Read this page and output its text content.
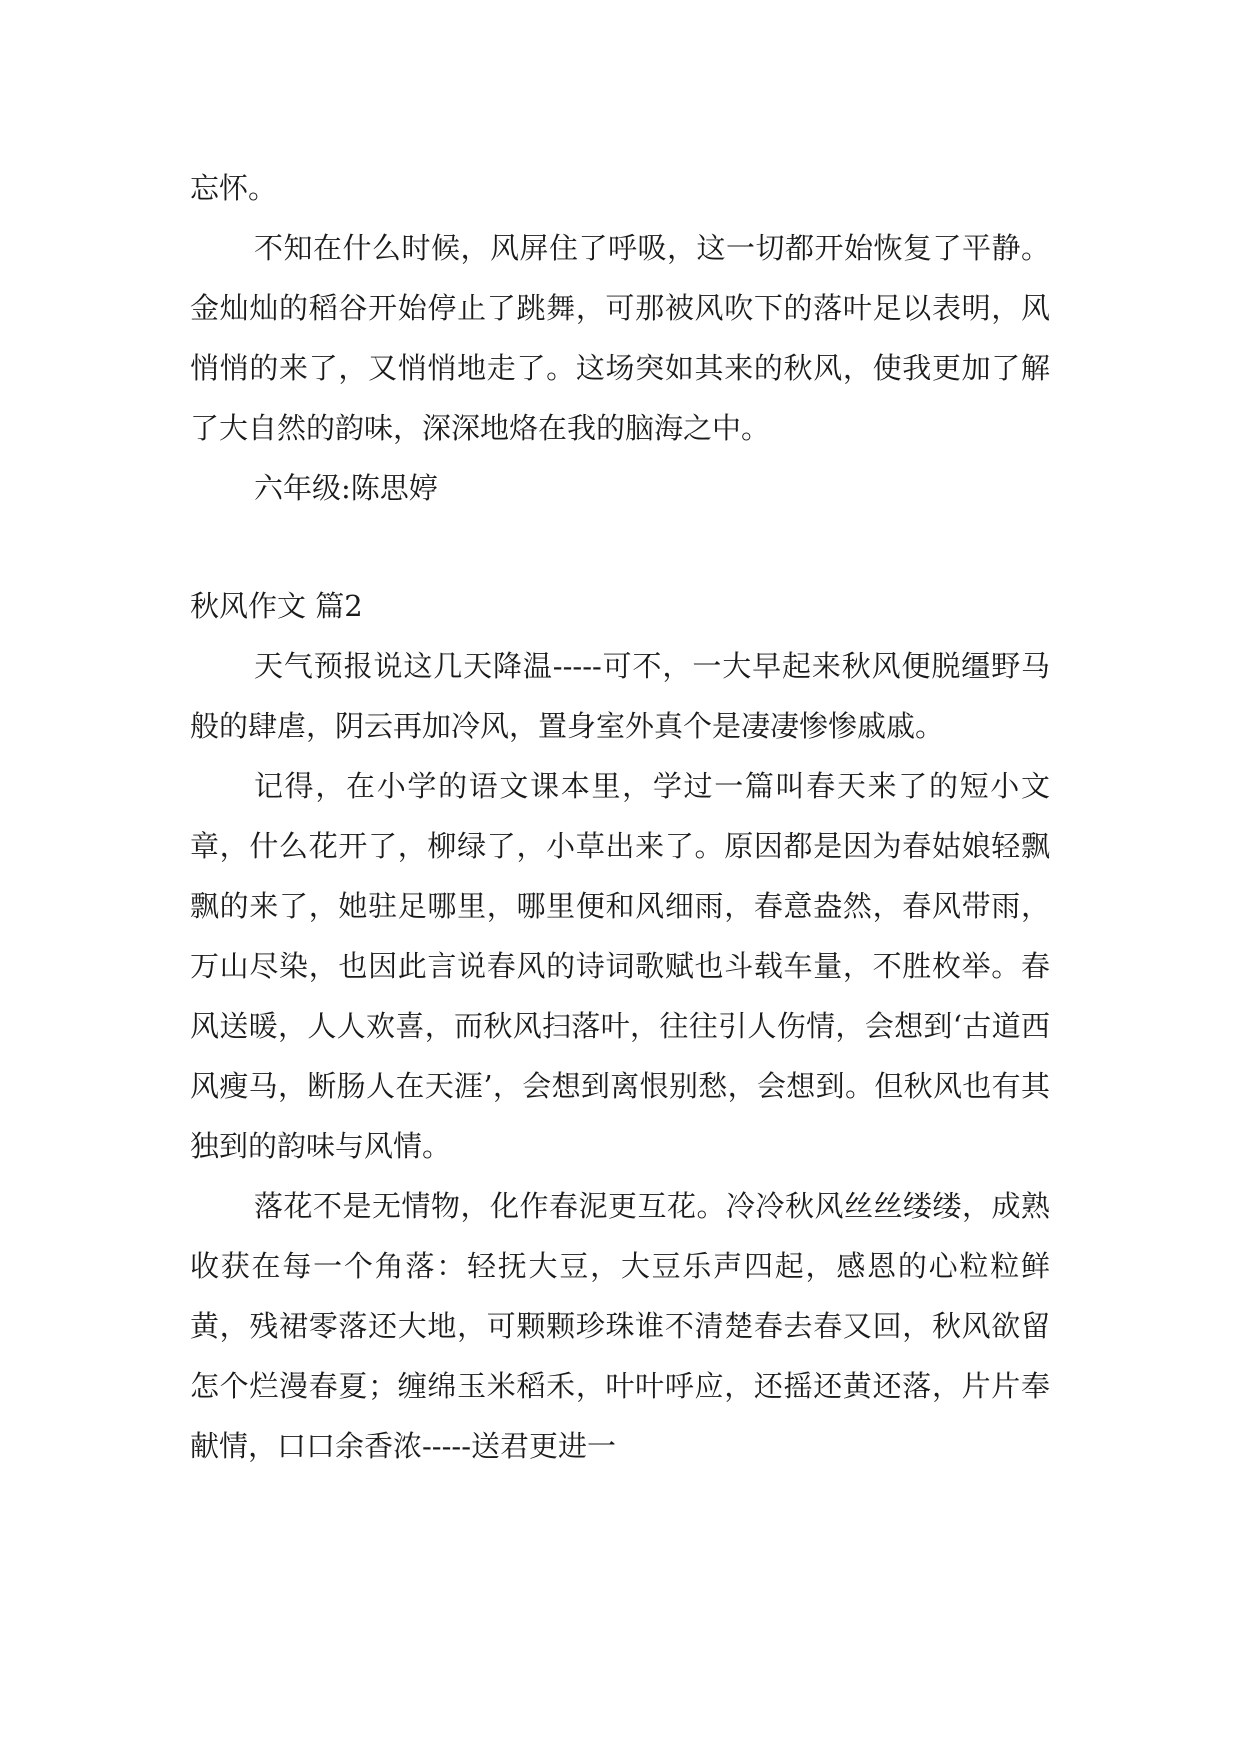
忘怀。

不知在什么时候，风屏住了呼吸，这一切都开始恢复了平静。金灿灿的稻谷开始停止了跳舞，可那被风吹下的落叶足以表明，风悄悄的来了，又悄悄地走了。这场突如其来的秋风，使我更加了解了大自然的韵味，深深地烙在我的脑海之中。

六年级:陈思婷

秋风作文 篇2

天气预报说这几天降温-----可不，一大早起来秋风便脱缰野马般的肆虐，阴云再加冷风，置身室外真个是凄凄惨惨戚戚。

记得，在小学的语文课本里，学过一篇叫春天来了的短小文章，什么花开了，柳绿了，小草出来了。原因都是因为春姑娘轻飘飘的来了，她驻足哪里，哪里便和风细雨，春意盎然，春风带雨，万山尽染，也因此言说春风的诗词歌赋也斗载车量，不胜枚举。春风送暖，人人欢喜，而秋风扫落叶，往往引人伤情，会想到‘古道西风瘦马，断肠人在天涯’，会想到离恨别愁，会想到。但秋风也有其独到的韵味与风情。

落花不是无情物，化作春泥更互花。冷冷秋风丝丝缕缕，成熟收获在每一个角落：轻抚大豆，大豆乐声四起，感恩的心粒粒鲜黄，残裙零落还大地，可颗颗珍珠谁不清楚春去春又回，秋风欲留怎个烂漫春夏；缠绵玉米稻禾，叶叶呼应，还摇还黄还落，片片奉献情，口口余香浓-----送君更进一
